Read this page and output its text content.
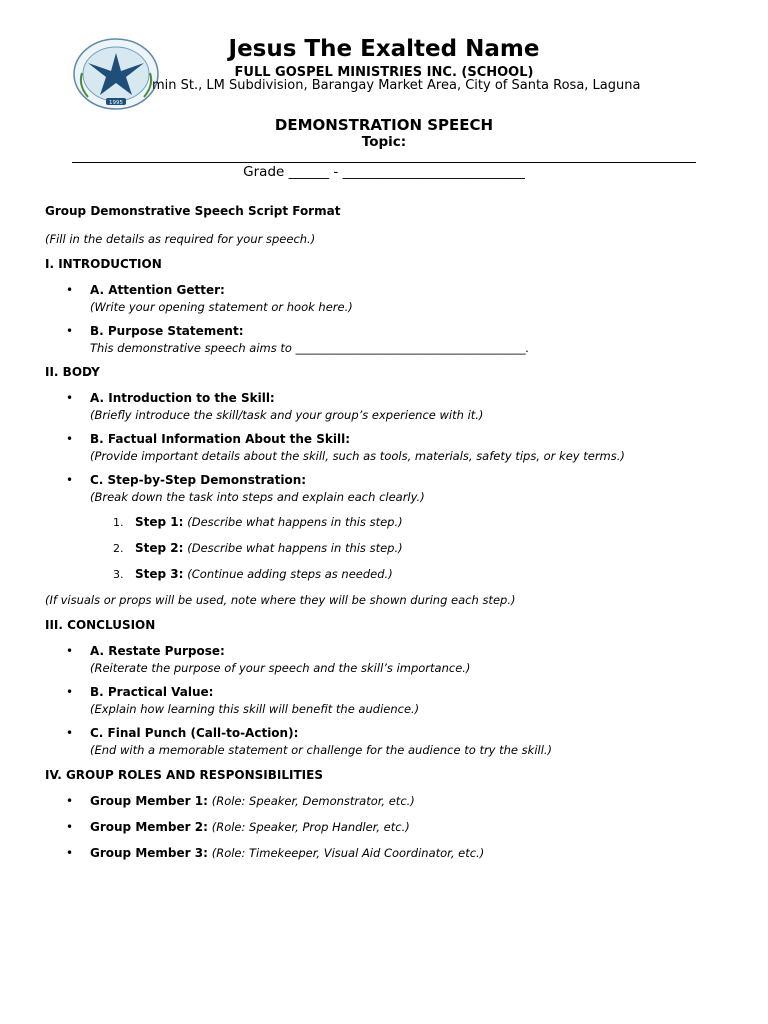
1995
Jesus The Exalted Name
FULL GOSPEL MINISTRIES INC. (SCHOOL)
min St., LM Subdivision, Barangay Market Area, City of Santa Rosa, Laguna
DEMONSTRATION SPEECH
Topic:
Grade ______ - ___________________________

Group Demonstrative Speech Script Format

(Fill in the details as required for your speech.)

I. INTRODUCTION

• A. Attention Getter:
(Write your opening statement or hook here.)
• B. Purpose Statement:
This demonstrative speech aims to ________________________________________.

II. BODY

• A. Introduction to the Skill:
(Briefly introduce the skill/task and your group’s experience with it.)
• B. Factual Information About the Skill:
(Provide important details about the skill, such as tools, materials, safety tips, or key terms.)
• C. Step-by-Step Demonstration:
(Break down the task into steps and explain each clearly.)
1. Step 1: (Describe what happens in this step.)
2. Step 2: (Describe what happens in this step.)
3. Step 3: (Continue adding steps as needed.)

(If visuals or props will be used, note where they will be shown during each step.)

III. CONCLUSION

• A. Restate Purpose:
(Reiterate the purpose of your speech and the skill’s importance.)
• B. Practical Value:
(Explain how learning this skill will benefit the audience.)
• C. Final Punch (Call-to-Action):
(End with a memorable statement or challenge for the audience to try the skill.)

IV. GROUP ROLES AND RESPONSIBILITIES

• Group Member 1: (Role: Speaker, Demonstrator, etc.)
• Group Member 2: (Role: Speaker, Prop Handler, etc.)
• Group Member 3: (Role: Timekeeper, Visual Aid Coordinator, etc.)
